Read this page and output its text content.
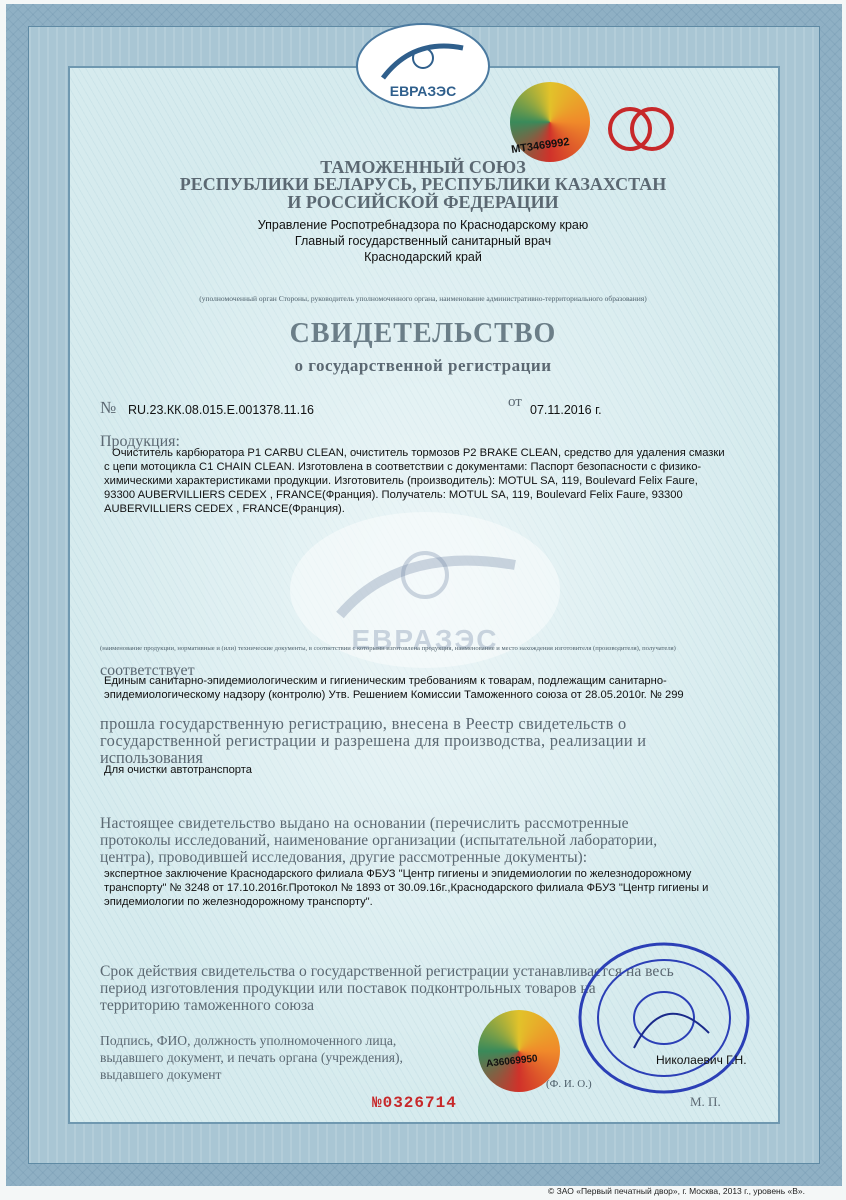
ЕВРАЗЭС
МТ3469992
ТАМОЖЕННЫЙ СОЮЗ
РЕСПУБЛИКИ БЕЛАРУСЬ, РЕСПУБЛИКИ КАЗАХСТАН
И РОССИЙСКОЙ ФЕДЕРАЦИИ
Управление Роспотребнадзора по Краснодарскому краю
Главный государственный санитарный врач
Краснодарский край
(уполномоченный орган Стороны, руководитель уполномоченного органа, наименование административно-территориального образования)
СВИДЕТЕЛЬСТВО
о государственной регистрации
№ RU.23.КК.08.015.Е.001378.11.16	от 07.11.2016 г.
Продукция:
Очиститель карбюратора P1 CARBU CLEAN, очиститель тормозов P2 BRAKE CLEAN, средство для удаления смазки
с цепи мотоцикла C1 CHAIN CLEAN. Изготовлена в соответствии с документами: Паспорт безопасности с физико-
химическими характеристиками продукции. Изготовитель (производитель): MOTUL SA, 119, Boulevard Felix Faure,
93300 AUBERVILLIERS CEDEX , FRANCE(Франция). Получатель: MOTUL SA, 119, Boulevard Felix Faure, 93300
AUBERVILLIERS CEDEX , FRANCE(Франция).
ЕВРАЗЭС
(наименование продукции, нормативные и (или) технические документы, в соответствии с которыми изготовлена продукция, наименование и место нахождения изготовителя (производителя), получателя)
соответствует
Единым санитарно-эпидемиологическим и гигиеническим требованиям к товарам, подлежащим санитарно-
эпидемиологическому надзору (контролю) Утв. Решением Комиссии Таможенного союза от 28.05.2010г. № 299
прошла государственную регистрацию, внесена в Реестр свидетельств о
государственной регистрации и разрешена для производства, реализации и
использования
Для очистки автотранспорта
Настоящее свидетельство выдано на основании (перечислить рассмотренные
протоколы исследований, наименование организации (испытательной лаборатории,
центра), проводившей исследования, другие рассмотренные документы):
экспертное заключение Краснодарского филиала ФБУЗ "Центр гигиены и эпидемиологии по железнодорожному
транспорту" № 3248 от 17.10.2016г.Протокол № 1893 от 30.09.16г.,Краснодарского филиала ФБУЗ "Центр гигиены и
эпидемиологии по железнодорожному транспорту".
Срок действия свидетельства о государственной регистрации устанавливается на весь
период изготовления продукции или поставок подконтрольных товаров на
территорию таможенного союза
Подпись, ФИО, должность уполномоченного лица,
выдавшего документ, и печать органа (учреждения),
выдавшего документ
А36069950	Николаевич Г.Н.
(Ф. И. О.)
М. П.
№0326714
© ЗАО «Первый печатный двор», г. Москва, 2013 г., уровень «В».
